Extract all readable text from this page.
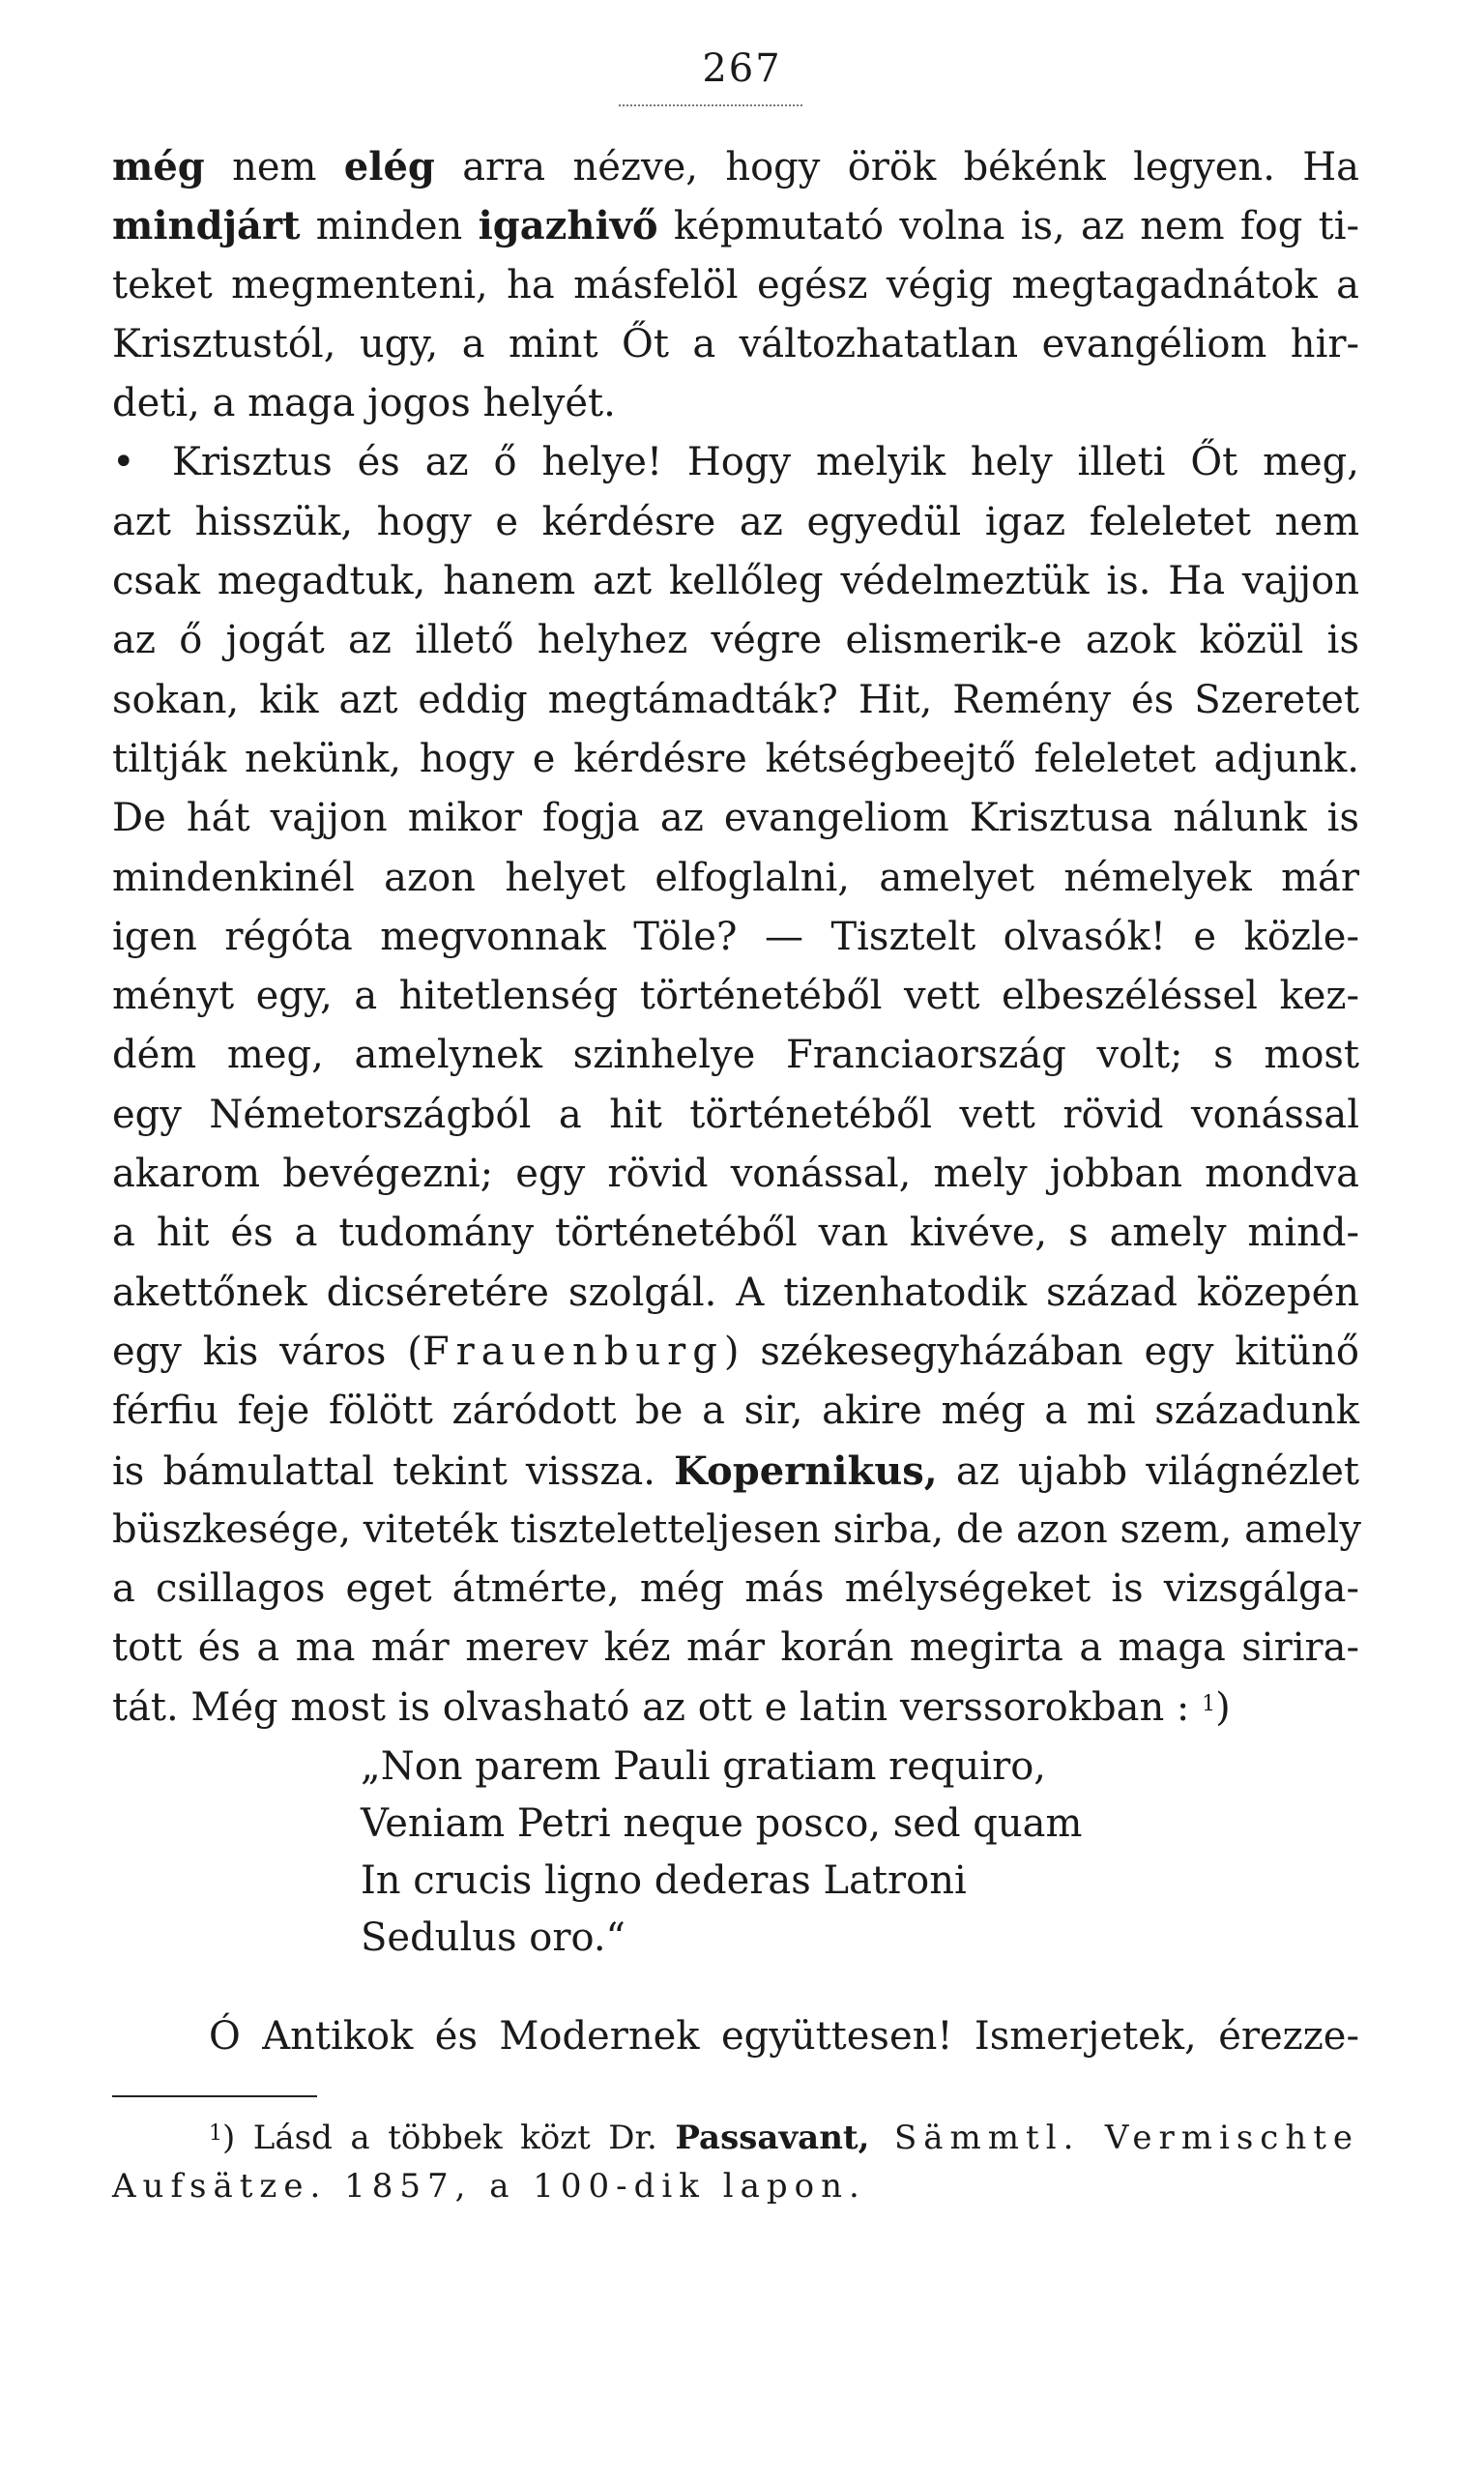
267
még nem elég arra nézve, hogy örök békénk legyen. Ha
mindjárt minden igazhivő képmutató volna is, az nem fog ti-
teket megmenteni, ha másfelöl egész végig megtagadnátok a
Krisztustól, ugy, a mint Őt a változhatatlan evangéliom hir-
deti, a maga jogos helyét.
• Krisztus és az ő helye! Hogy melyik hely illeti Őt meg,
azt hisszük, hogy e kérdésre az egyedül igaz feleletet nem
csak megadtuk, hanem azt kellőleg védelmeztük is. Ha vajjon
az ő jogát az illető helyhez végre elismerik-e azok közül is
sokan, kik azt eddig megtámadták? Hit, Remény és Szeretet
tiltják nekünk, hogy e kérdésre kétségbeejtő feleletet adjunk.
De hát vajjon mikor fogja az evangeliom Krisztusa nálunk is
mindenkinél azon helyet elfoglalni, amelyet némelyek már
igen régóta megvonnak Töle? — Tisztelt olvasók! e közle-
ményt egy, a hitetlenség történetéből vett elbeszéléssel kez-
dém meg, amelynek szinhelye Franciaország volt; s most
egy Németországból a hit történetéből vett rövid vonással
akarom bevégezni; egy rövid vonással, mely jobban mondva
a hit és a tudomány történetéből van kivéve, s amely mind-
akettőnek dicséretére szolgál. A tizenhatodik század közepén
egy kis város (Frauenburg) székesegyházában egy kitünő
férfiu feje fölött záródott be a sir, akire még a mi századunk
is bámulattal tekint vissza. Kopernikus, az ujabb világnézlet
büszkesége, viteték tiszteletteljesen sirba, de azon szem, amely
a csillagos eget átmérte, még más mélységeket is vizsgálga-
tott és a ma már merev kéz már korán megirta a maga sirira-
tát. Még most is olvasható az ott e latin verssorokban : $^1$)
„Non parem Pauli gratiam requiro,
Veniam Petri neque posco, sed quam
In crucis ligno dederas Latroni
Sedulus oro.“
Ó Antikok és Modernek együttesen! Ismerjetek, érezze-
$^1$) Lásd a többek közt Dr. Passavant, Sämmtl. Vermischte
Aufsätze. 1857, a 100-dik lapon.
